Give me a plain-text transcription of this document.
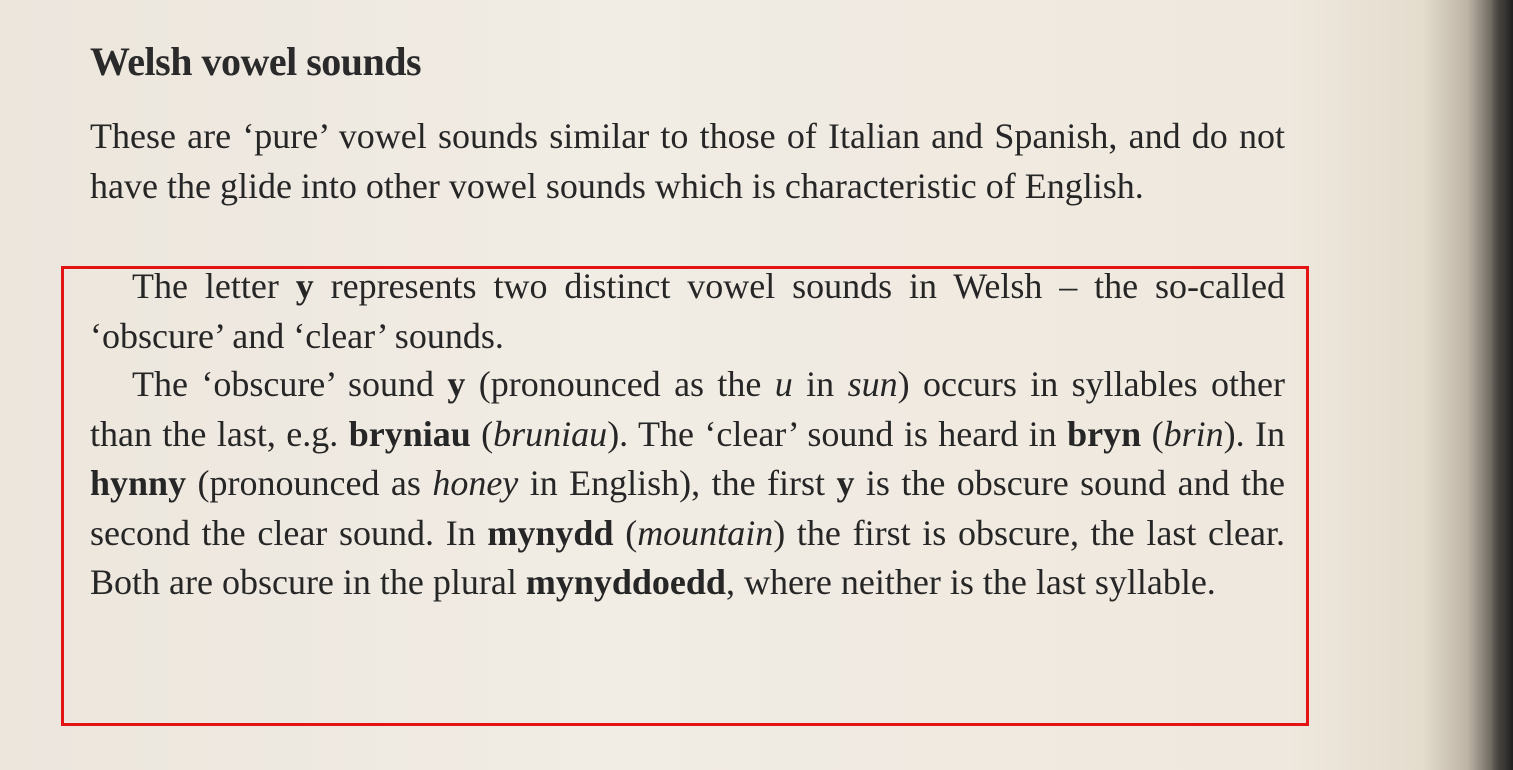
Welsh vowel sounds

These are ‘pure’ vowel sounds similar to those of Italian and Spanish, and do not have the glide into other vowel sounds which is characteristic of English.

The letter y represents two distinct vowel sounds in Welsh – the so-called ‘obscure’ and ‘clear’ sounds.

The ‘obscure’ sound y (pronounced as the u in sun) occurs in syllables other than the last, e.g. bryniau (bruniau). The ‘clear’ sound is heard in bryn (brin). In hynny (pronounced as honey in English), the first y is the obscure sound and the second the clear sound. In mynydd (mountain) the first is obscure, the last clear. Both are obscure in the plural mynyddoedd, where neither is the last syllable.
